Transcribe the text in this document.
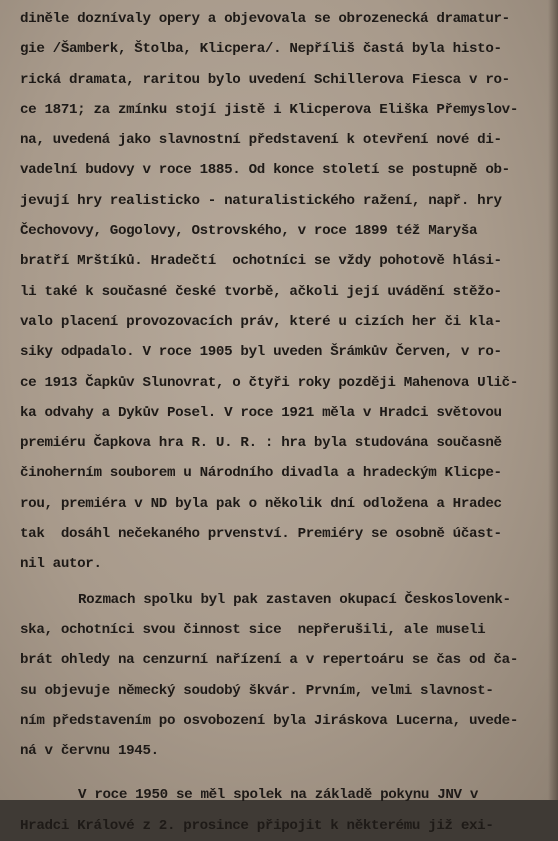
diněle doznívaly opery a objevovala se obrozenecká dramatur-
gie /Šamberk, Štolba, Klicpera/. Nepříliš častá byla histo-
rická dramata, raritou bylo uvedení Schillerova Fiesca v ro-
ce 1871; za zmínku stojí jistě i Klicperova Eliška Přemyslov-
na, uvedená jako slavnostní představení k otevření nové di-
vadelní budovy v roce 1885. Od konce století se postupně ob-
jevují hry realisticko - naturalistického ražení, např. hry
Čechovovy, Gogolovy, Ostrovského, v roce 1899 též Maryša
bratří Mrštíků. Hradečtí  ochotníci se vždy pohotově hlási-
li také k současné české tvorbě, ačkoli její uvádění stěžo-
valo placení provozovacích práv, které u cizích her či kla-
siky odpadalo. V roce 1905 byl uveden Šrámkův Červen, v ro-
ce 1913 Čapkův Slunovrat, o čtyři roky později Mahenova Ulič-
ka odvahy a Dykův Posel. V roce 1921 měla v Hradci světovou
premiéru Čapkova hra R. U. R. : hra byla studována současně
činoherním souborem u Národního divadla a hradeckým Klicpe-
rou, premiéra v ND byla pak o několik dní odložena a Hradec
tak  dosáhl nečekaného prvenství. Premiéry se osobně účast-
nil autor.
Rozmach spolku byl pak zastaven okupací Českoslovenk-
ska, ochotníci svou činnost sice  nepřerušili, ale museli
brát ohledy na cenzurní nařízení a v repertoáru se čas od ča-
su objevuje německý soudobý škvár. Prvním, velmi slavnost-
ním představením po osvobození byla Jiráskova Lucerna, uvede-
ná v červnu 1945.
V roce 1950 se měl spolek na základě pokynu JNV v
Hradci Králové z 2. prosince připojit k některému již exi-
